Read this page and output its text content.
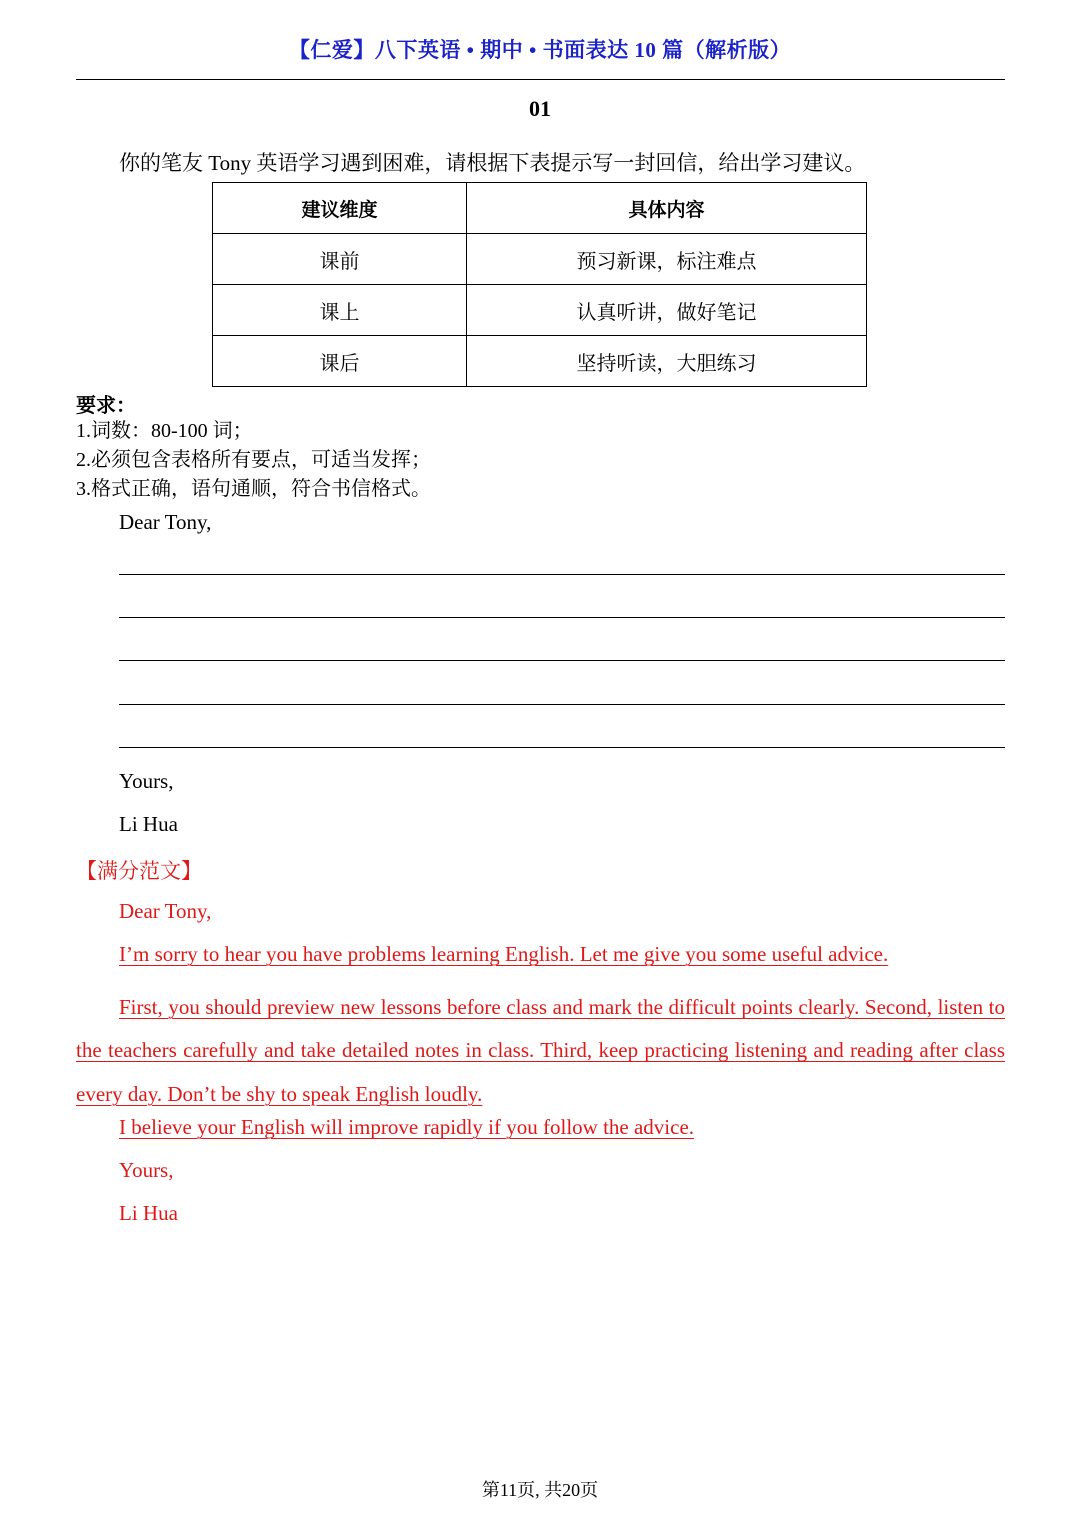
【仁爱】八下英语 • 期中 • 书面表达 10 篇（解析版）
01
你的笔友 Tony 英语学习遇到困难，请根据下表提示写一封回信，给出学习建议。
建议维度	具体内容
课前	预习新课，标注难点
课上	认真听讲，做好笔记
课后	坚持听读，大胆练习
要求：
1.词数：80-100 词；
2.必须包含表格所有要点，可适当发挥；
3.格式正确，语句通顺，符合书信格式。
Dear Tony,
Yours,
Li Hua
【满分范文】
Dear Tony,
I’m sorry to hear you have problems learning English. Let me give you some useful advice.
First, you should preview new lessons before class and mark the difficult points clearly. Second, listen to the teachers carefully and take detailed notes in class. Third, keep practicing listening and reading after class every day. Don’t be shy to speak English loudly.
I believe your English will improve rapidly if you follow the advice.
Yours,
Li Hua
第11页, 共20页
